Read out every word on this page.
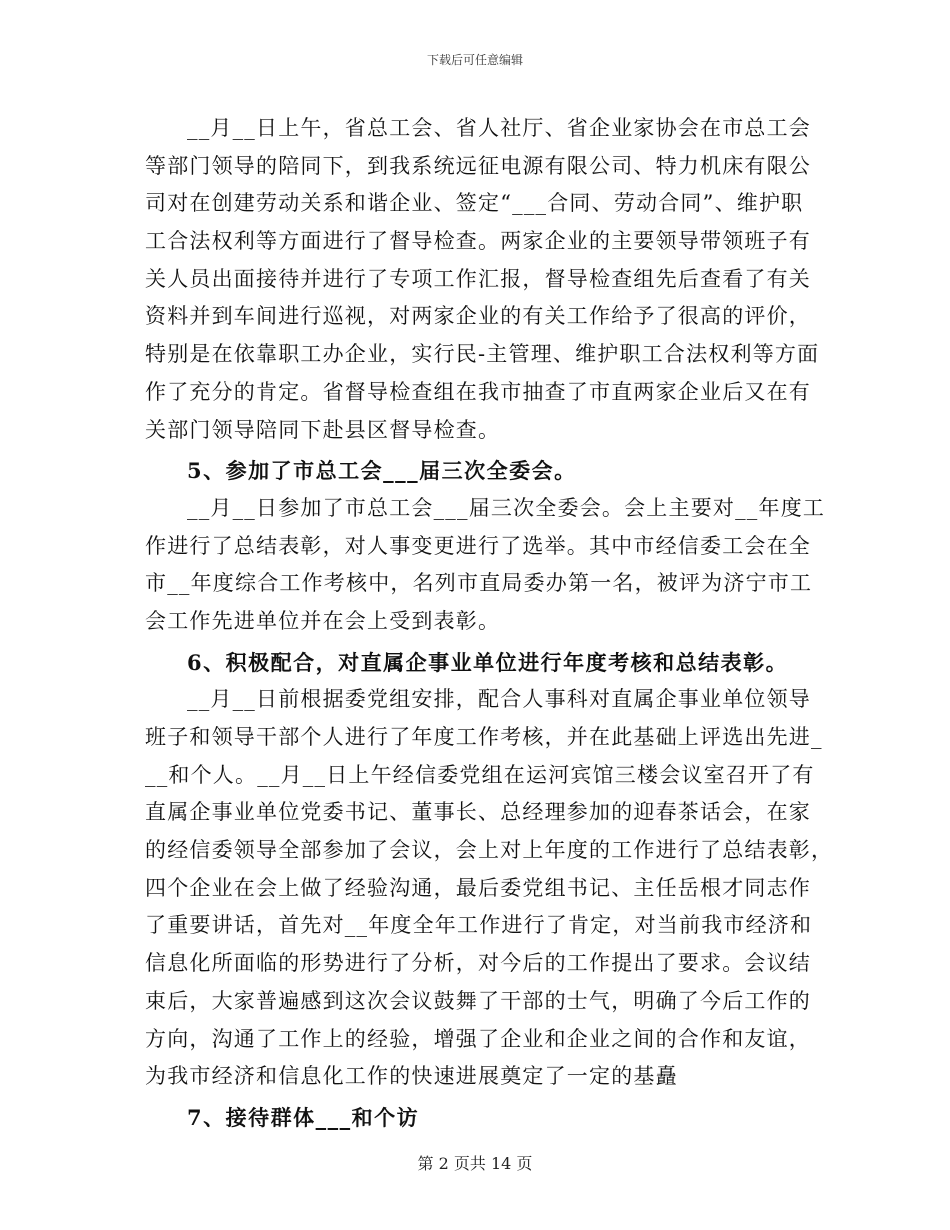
下载后可任意编辑
__月__日上午，省总工会、省人社厅、省企业家协会在市总工会
等部门领导的陪同下，到我系统远征电源有限公司、特力机床有限公
司对在创建劳动关系和谐企业、签定“___合同、劳动合同”、维护职
工合法权利等方面进行了督导检查。两家企业的主要领导带领班子有
关人员出面接待并进行了专项工作汇报，督导检查组先后查看了有关
资料并到车间进行巡视，对两家企业的有关工作给予了很高的评价，
特别是在依靠职工办企业，实行民-主管理、维护职工合法权利等方面
作了充分的肯定。省督导检查组在我市抽查了市直两家企业后又在有
关部门领导陪同下赴县区督导检查。
5、参加了市总工会___届三次全委会。
__月__日参加了市总工会___届三次全委会。会上主要对__年度工
作进行了总结表彰，对人事变更进行了选举。其中市经信委工会在全
市__年度综合工作考核中，名列市直局委办第一名，被评为济宁市工
会工作先进单位并在会上受到表彰。
6、积极配合，对直属企事业单位进行年度考核和总结表彰。
__月__日前根据委党组安排，配合人事科对直属企事业单位领导
班子和领导干部个人进行了年度工作考核，并在此基础上评选出先进_
__和个人。__月__日上午经信委党组在运河宾馆三楼会议室召开了有
直属企事业单位党委书记、董事长、总经理参加的迎春茶话会，在家
的经信委领导全部参加了会议，会上对上年度的工作进行了总结表彰，
四个企业在会上做了经验沟通，最后委党组书记、主任岳根才同志作
了重要讲话，首先对__年度全年工作进行了肯定，对当前我市经济和
信息化所面临的形势进行了分析，对今后的工作提出了要求。会议结
束后，大家普遍感到这次会议鼓舞了干部的士气，明确了今后工作的
方向，沟通了工作上的经验，增强了企业和企业之间的合作和友谊，
为我市经济和信息化工作的快速进展奠定了一定的基矗
7、接待群体___和个访
第 2 页共 14 页
